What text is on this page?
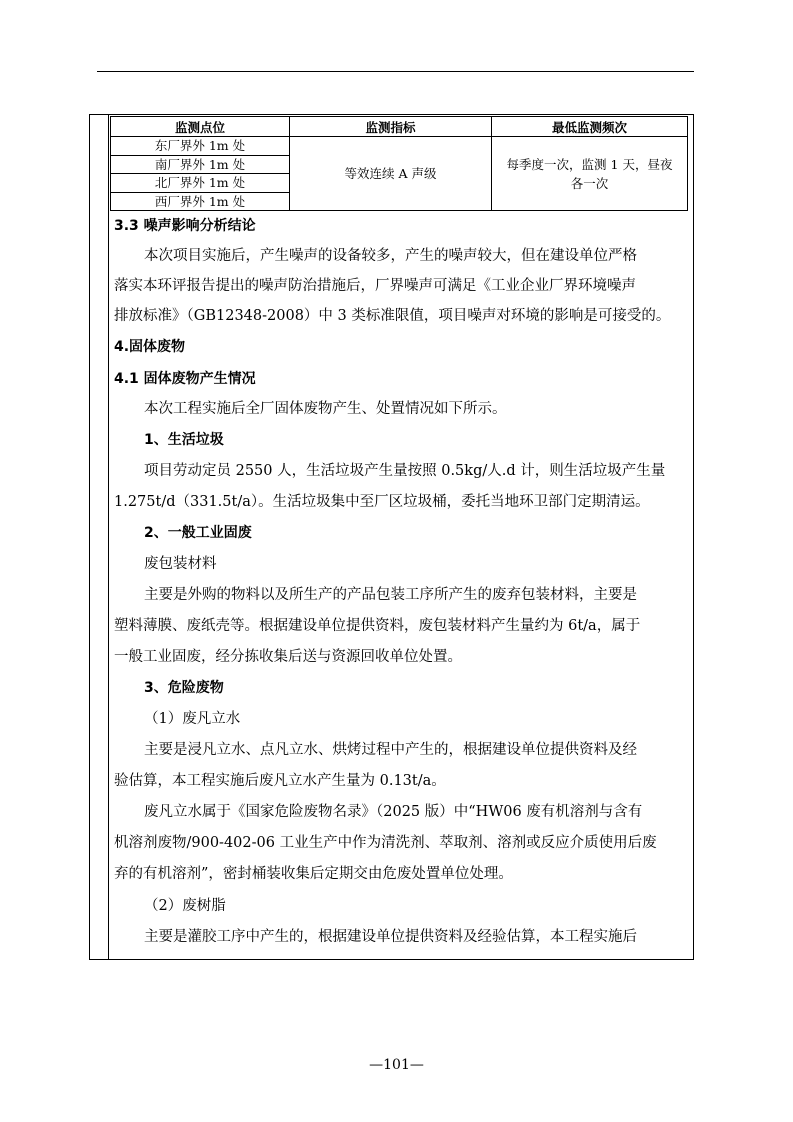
监测点位	监测指标	最低监测频次
东厂界外 1m 处	等效连续 A 声级	每季度一次，监测 1 天，昼夜
各一次

南厂界外 1m 处		
北厂界外 1m 处		
西厂界外 1m 处		
3.3 噪声影响分析结论
本次项目实施后，产生噪声的设备较多，产生的噪声较大，但在建设单位严格
落实本环评报告提出的噪声防治措施后，厂界噪声可满足《工业企业厂界环境噪声
排放标准》（GB12348-2008）中 3 类标准限值，项目噪声对环境的影响是可接受的。
4.固体废物
4.1 固体废物产生情况
本次工程实施后全厂固体废物产生、处置情况如下所示。
1、生活垃圾
项目劳动定员 2550 人，生活垃圾产生量按照 0.5kg/人.d 计，则生活垃圾产生量
1.275t/d（331.5t/a）。生活垃圾集中至厂区垃圾桶，委托当地环卫部门定期清运。
2、一般工业固废
废包装材料
主要是外购的物料以及所生产的产品包装工序所产生的废弃包装材料，主要是
塑料薄膜、废纸壳等。根据建设单位提供资料，废包装材料产生量约为 6t/a，属于
一般工业固废，经分拣收集后送与资源回收单位处置。
3、危险废物
（1）废凡立水
主要是浸凡立水、点凡立水、烘烤过程中产生的，根据建设单位提供资料及经
验估算，本工程实施后废凡立水产生量为 0.13t/a。
废凡立水属于《国家危险废物名录》（2025 版）中“HW06 废有机溶剂与含有
机溶剂废物/900-402-06 工业生产中作为清洗剂、萃取剂、溶剂或反应介质使用后废
弃的有机溶剂”，密封桶装收集后定期交由危废处置单位处理。
（2）废树脂
主要是灌胶工序中产生的，根据建设单位提供资料及经验估算，本工程实施后
—101—
